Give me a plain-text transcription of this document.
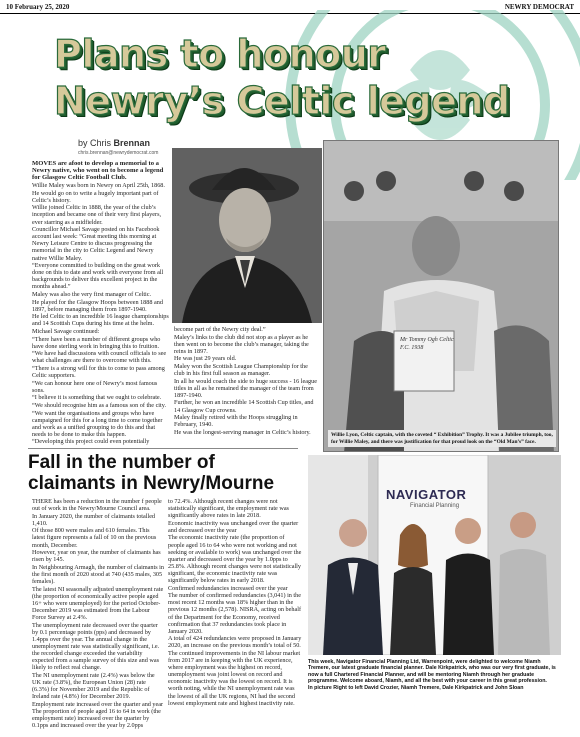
10 February 25, 2020	NEWRY DEMOCRAT
Plans to honour
Newry’s Celtic legend
by Chris Brennan
chris.brennan@newrydemocrat.com

MOVES are afoot to develop a memorial to a Newry native, who went on to become a legend for Glasgow Celtic Football Club.

Willie Maley was born in Newry on April 25th, 1868.

He would go on to write a hugely important part of Celtic’s history.

Willie joined Celtic in 1888, the year of the club’s inception and became one of their very first players, ever starring as a midfielder.

Councillor Michael Savage posted on his Facebook account last week: “Great meeting this morning at Newry Leisure Centre to discuss progressing the memorial in the city to Celtic Legend and Newry native Willie Maley.

“Everyone committed to building on the great work done on this to date and work with everyone from all backgrounds to deliver this excellent project in the months ahead.”

Maley was also the very first manager of Celtic.

He played for the Glasgow Hoops between 1888 and 1897, before managing them from 1897-1940.

He led Celtic to an incredible 16 league championships and 14 Scottish Cups during his time at the helm.

Michael Savage continued:

“There have been a number of different groups who have done sterling work in bringing this to fruition.

“We have had discussions with council officials to see what challenges are there to overcome with this.

“There is a strong will for this to come to pass among Celtic supporters.

“We can honour here one of Newry’s most famous sons.

“I believe it is something that we ought to celebrate.

“We should recognise him as a famous son of the city.

“We want the organisations and groups who have campaigned for this for a long time to come together and work as a unified grouping to do this and that needs to be done to make this happen.

“Developing this project could even potentially

become part of the Newry city deal.”

Maley’s links to the club did not stop as a player as he then went on to become the club’s manager, taking the reins in 1897.

He was just 29 years old.

Maley won the Scottish League Championship for the club in his first full season as manager.

In all he would coach the side to huge success - 16 league titles in all as he remained the manager of the team from 1897-1940.

Further, he won an incredible 14 Scottish Cup titles, and 14 Glasgow Cup crowns.

Maley finally retired with the Hoops struggling in February, 1940.

He was the longest-serving manager in Celtic’s history.

Mr Tommy Ogh Celtic F.C. 1938
Willie Lyon, Celtic captain, with the coveted “ Exhibition” Trophy. It was a Jubilee triumph, too, for Willie Maley, and there was justification for that proud look on the “Old Man’s” face.
Fall in the number of
claimants in Newry/Mourne

THERE has been a reduction in the number f people out of work in the Newry/Mourne Council area.

In January 2020, the number of claimants totalled 1,410.

Of those 800 were males and 610 females. This latest figure represents a fall of 10 on the previous month, December.

However, year on year, the number of claimants has risen by 145.

In Neighbouring Armagh, the number of claimants in the first month of 2020 stood at 740 (435 males, 305 females).

The latest NI seasonally adjusted unemployment rate (the proportion of economically active people aged 16+ who were unemployed) for the period October-December 2019 was estimated from the Labour Force Survey at 2.4%.

The unemployment rate decreased over the quarter by 0.1 percentage points (pps) and decreased by 1.4pps over the year. The annual change in the unemployment rate was statistically significant, i.e. the recorded change exceeded the variability expected from a sample survey of this size and was likely to reflect real change.

The NI unemployment rate (2.4%) was below the UK rate (3.8%), the European Union (28) rate (6.3%) for November 2019 and the Republic of Ireland rate (4.8%) for December 2019.

Employment rate increased over the quarter and year

The proportion of people aged 16 to 64 in work (the employment rate) increased over the quarter by 0.1pps and increased over the year by 2.0pps

to 72.4%. Although recent changes were not statistically significant, the employment rate was significantly above rates in late 2018.

Economic inactivity was unchanged over the quarter and decreased over the year

The economic inactivity rate (the proportion of people aged 16 to 64 who were not working and not seeking or available to work) was unchanged over the quarter and decreased over the year by 1.0pps to 25.8%. Although recent changes were not statistically significant, the economic inactivity rate was significantly below rates in early 2018.

Confirmed redundancies increased over the year

The number of confirmed redundancies (3,041) in the most recent 12 months was 18% higher than in the previous 12 months (2,578). NISRA, acting on behalf of the Department for the Economy, received confirmation that 37 redundancies took place in January 2020.

A total of 424 redundancies were proposed in January 2020, an increase on the previous month’s total of 50.

The continued improvements in the NI labour market from 2017 are in keeping with the UK experience, where employment was the highest on record, unemployment was joint lowest on record and economic inactivity was the lowest on record. It is worth noting, while the NI unemployment rate was the lowest of all the UK regions, NI had the second lowest employment rate and highest inactivity rate.

NAVIGATOR
Financial Planning
This week, Navigator Financial Planning Ltd, Warrenpoint, were delighted to welcome Niamh Tremere, our latest graduate financial planner. Dale Kirkpatrick, who was our very first graduate, is now a full Chartered Financial Planner, and will be mentoring Niamh through her graduate programme. Welcome aboard, Niamh, and all the best with your career in this great profession.
In picture Right to left David Crozier, Niamh Tremere, Dale Kirkpatrick and John Sloan
